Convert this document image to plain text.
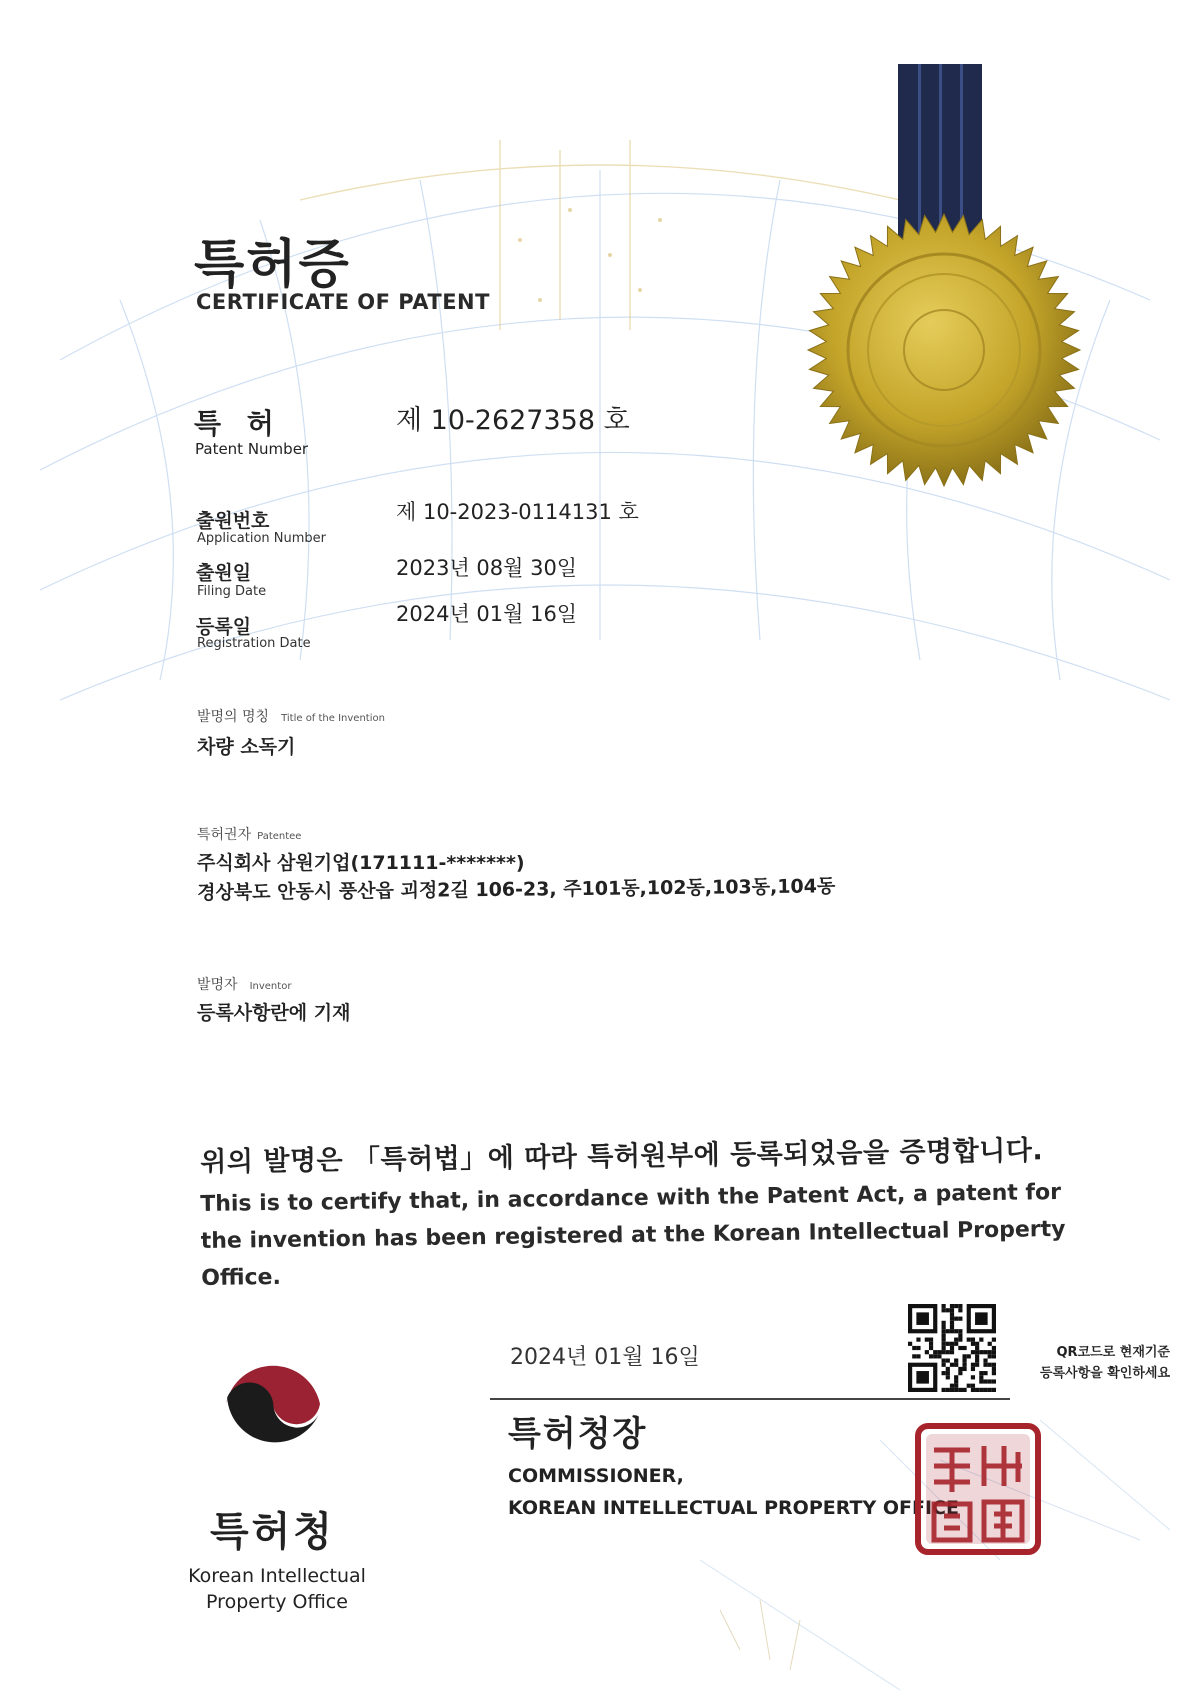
특허증
CERTIFICATE OF PATENT
특 허
Patent Number
제 10-2627358 호
출원번호
Application Number
제 10-2023-0114131 호
출원일
Filing Date
2023년 08월 30일
등록일
Registration Date
2024년 01월 16일
발명의 명칭 Title of the Invention
차량 소독기
특허권자 Patentee
주식회사 삼원기업(171111-*******)
경상북도 안동시 풍산읍 괴정2길 106-23, 주101동,102동,103동,104동
발명자 Inventor
등록사항란에 기재
위의 발명은 「특허법」에 따라 특허원부에 등록되었음을 증명합니다.
This is to certify that, in accordance with the Patent Act, a patent for the invention has been registered at the Korean Intellectual Property Office.
2024년 01월 16일
특허청장
COMMISSIONER,
KOREAN INTELLECTUAL PROPERTY OFFICE
QR코드로 현재기준
등록사항을 확인하세요
특허청
Korean Intellectual
Property Office
